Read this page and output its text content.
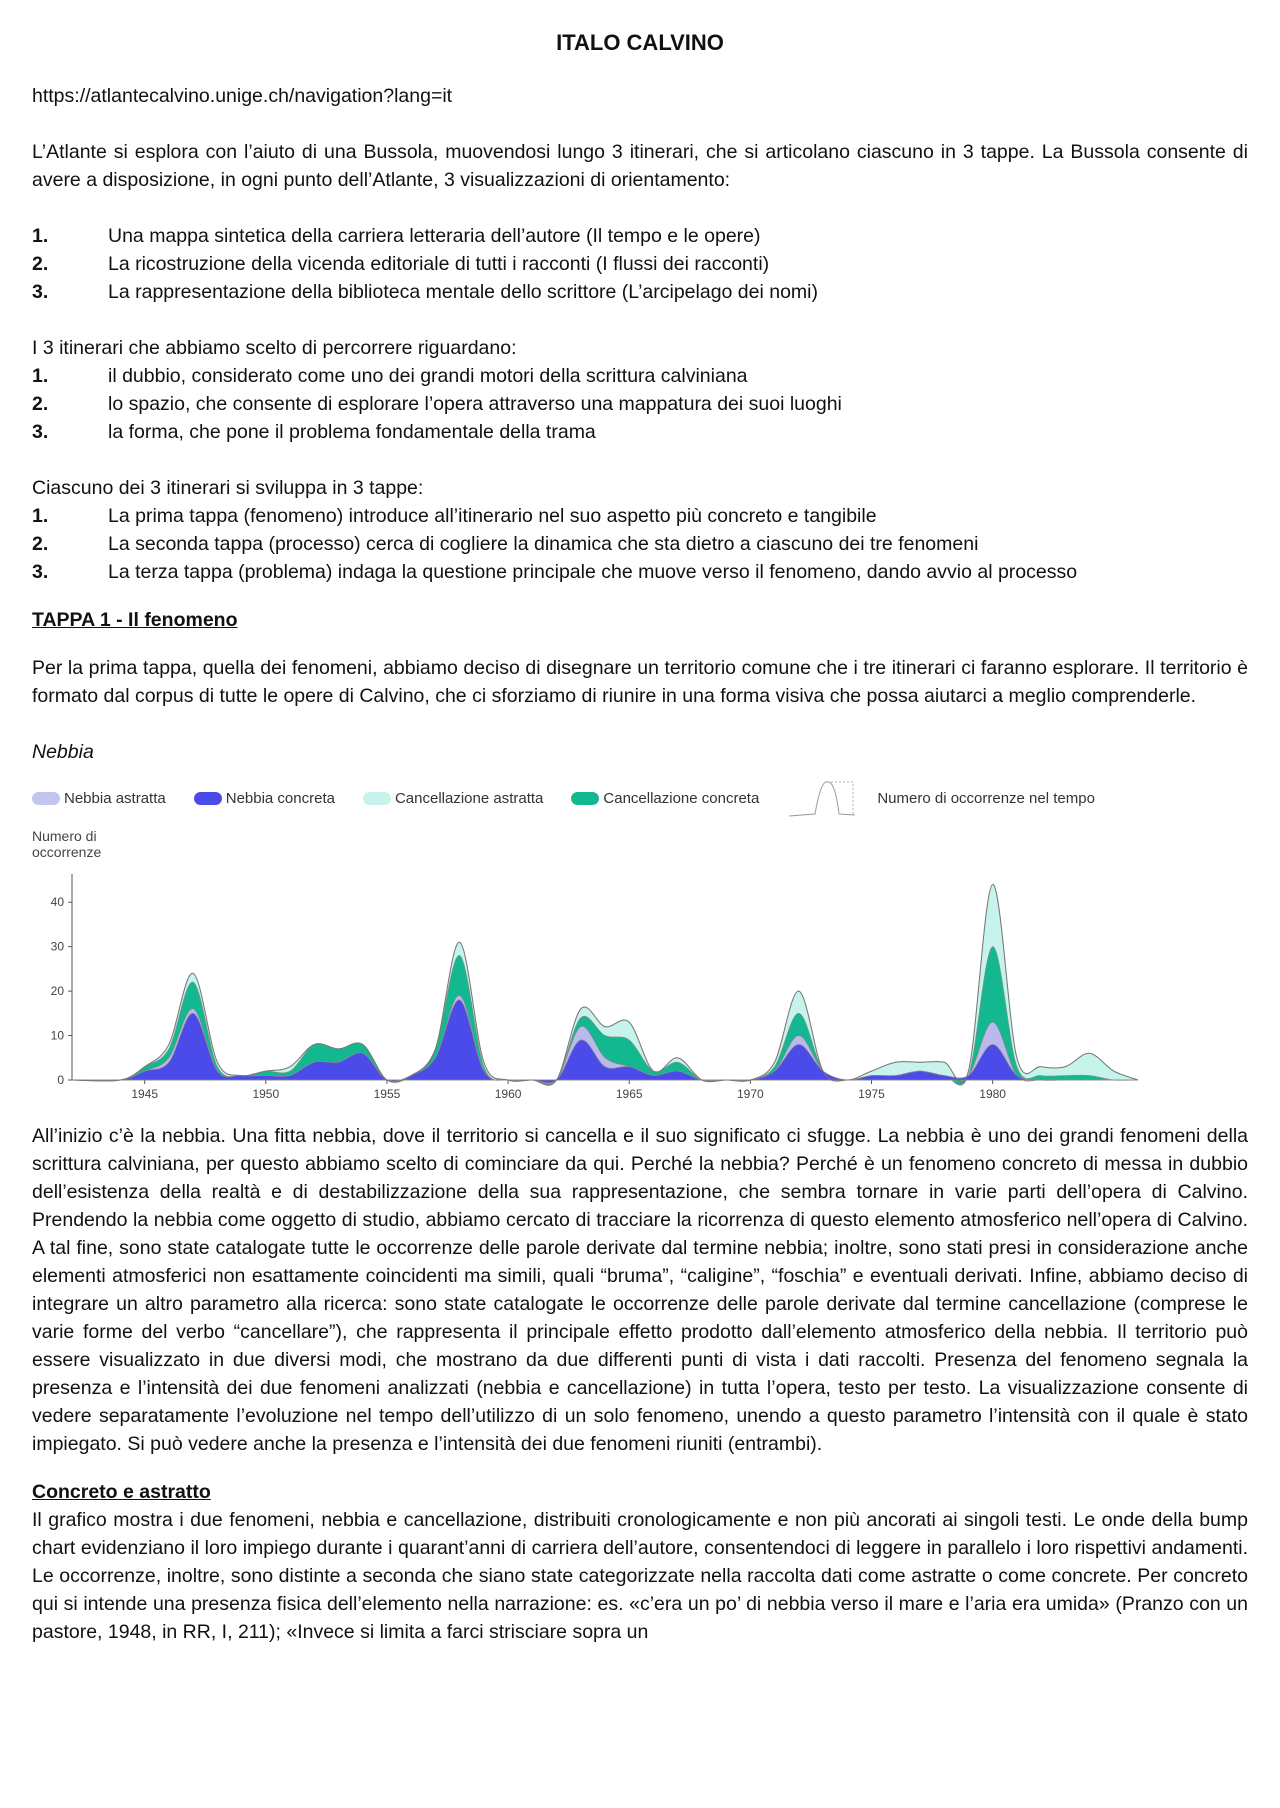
ITALO CALVINO
https://atlantecalvino.unige.ch/navigation?lang=it

L’Atlante si esplora con l’aiuto di una Bussola, muovendosi lungo 3 itinerari, che si articolano ciascuno in 3 tappe. La Bussola consente di avere a disposizione, in ogni punto dell’Atlante, 3 visualizzazioni di orientamento:

1.	Una mappa sintetica della carriera letteraria dell’autore (Il tempo e le opere)
2.	La ricostruzione della vicenda editoriale di tutti i racconti (I flussi dei racconti)
3.	La rappresentazione della biblioteca mentale dello scrittore (L’arcipelago dei nomi)

I 3 itinerari che abbiamo scelto di percorrere riguardano:

1.	il dubbio, considerato come uno dei grandi motori della scrittura calviniana
2.	lo spazio, che consente di esplorare l’opera attraverso una mappatura dei suoi luoghi
3.	la forma, che pone il problema fondamentale della trama

Ciascuno dei 3 itinerari si sviluppa in 3 tappe:

1.	La prima tappa (fenomeno) introduce all’itinerario nel suo aspetto più concreto e tangibile
2.	La seconda tappa (processo) cerca di cogliere la dinamica che sta dietro a ciascuno dei tre fenomeni
3.	La terza tappa (problema) indaga la questione principale che muove verso il fenomeno, dando avvio al processo
TAPPA 1 - Il fenomeno

Per la prima tappa, quella dei fenomeni, abbiamo deciso di disegnare un territorio comune che i tre itinerari ci faranno esplorare. Il territorio è formato dal corpus di tutte le opere di Calvino, che ci sforziamo di riunire in una forma visiva che possa aiutarci a meglio comprenderle.

Nebbia
Nebbia astratta	Nebbia concreta	Cancellazione astratta	Cancellazione concreta	Numero di occorrenze nel tempo
Numero di occorrenze
0
10
20
30
40
1945	1950	1955	1960	1965	1970	1975	1980

All’inizio c’è la nebbia. Una fitta nebbia, dove il territorio si cancella e il suo significato ci sfugge. La nebbia è uno dei grandi fenomeni della scrittura calviniana, per questo abbiamo scelto di cominciare da qui. Perché la nebbia? Perché è un fenomeno concreto di messa in dubbio dell’esistenza della realtà e di destabilizzazione della sua rappresentazione, che sembra tornare in varie parti dell’opera di Calvino. Prendendo la nebbia come oggetto di studio, abbiamo cercato di tracciare la ricorrenza di questo elemento atmosferico nell’opera di Calvino. A tal fine, sono state catalogate tutte le occorrenze delle parole derivate dal termine nebbia; inoltre, sono stati presi in considerazione anche elementi atmosferici non esattamente coincidenti ma simili, quali “bruma”, “caligine”, “foschia” e eventuali derivati. Infine, abbiamo deciso di integrare un altro parametro alla ricerca: sono state catalogate le occorrenze delle parole derivate dal termine cancellazione (comprese le varie forme del verbo “cancellare”), che rappresenta il principale effetto prodotto dall’elemento atmosferico della nebbia. Il territorio può essere visualizzato in due diversi modi, che mostrano da due differenti punti di vista i dati raccolti. Presenza del fenomeno segnala la presenza e l’intensità dei due fenomeni analizzati (nebbia e cancellazione) in tutta l’opera, testo per testo. La visualizzazione consente di vedere separatamente l’evoluzione nel tempo dell’utilizzo di un solo fenomeno, unendo a questo parametro l’intensità con il quale è stato impiegato. Si può vedere anche la presenza e l’intensità dei due fenomeni riuniti (entrambi).

Concreto e astratto

Il grafico mostra i due fenomeni, nebbia e cancellazione, distribuiti cronologicamente e non più ancorati ai singoli testi. Le onde della bump chart evidenziano il loro impiego durante i quarant’anni di carriera dell’autore, consentendoci di leggere in parallelo i loro rispettivi andamenti. Le occorrenze, inoltre, sono distinte a seconda che siano state categorizzate nella raccolta dati come astratte o come concrete. Per concreto qui si intende una presenza fisica dell’elemento nella narrazione: es. «c’era un po’ di nebbia verso il mare e l’aria era umida» (Pranzo con un pastore, 1948, in RR, I, 211); «Invece si limita a farci strisciare sopra un
